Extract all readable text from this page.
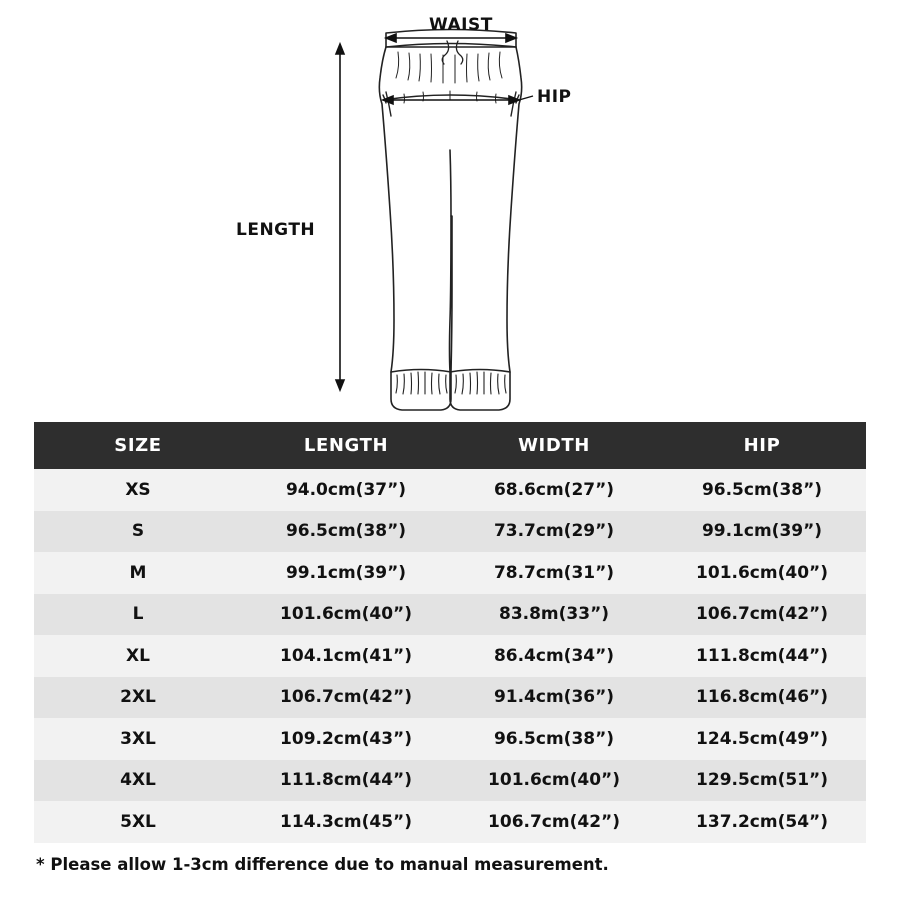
WAIST
HIP
LENGTH
SIZE	LENGTH	WIDTH	HIP
XS	94.0cm(37”)	68.6cm(27”)	96.5cm(38”)
S	96.5cm(38”)	73.7cm(29”)	99.1cm(39”)
M	99.1cm(39”)	78.7cm(31”)	101.6cm(40”)
L	101.6cm(40”)	83.8m(33”)	106.7cm(42”)
XL	104.1cm(41”)	86.4cm(34”)	111.8cm(44”)
2XL	106.7cm(42”)	91.4cm(36”)	116.8cm(46”)
3XL	109.2cm(43”)	96.5cm(38”)	124.5cm(49”)
4XL	111.8cm(44”)	101.6cm(40”)	129.5cm(51”)
5XL	114.3cm(45”)	106.7cm(42”)	137.2cm(54”)
* Please allow 1-3cm difference due to manual measurement.
